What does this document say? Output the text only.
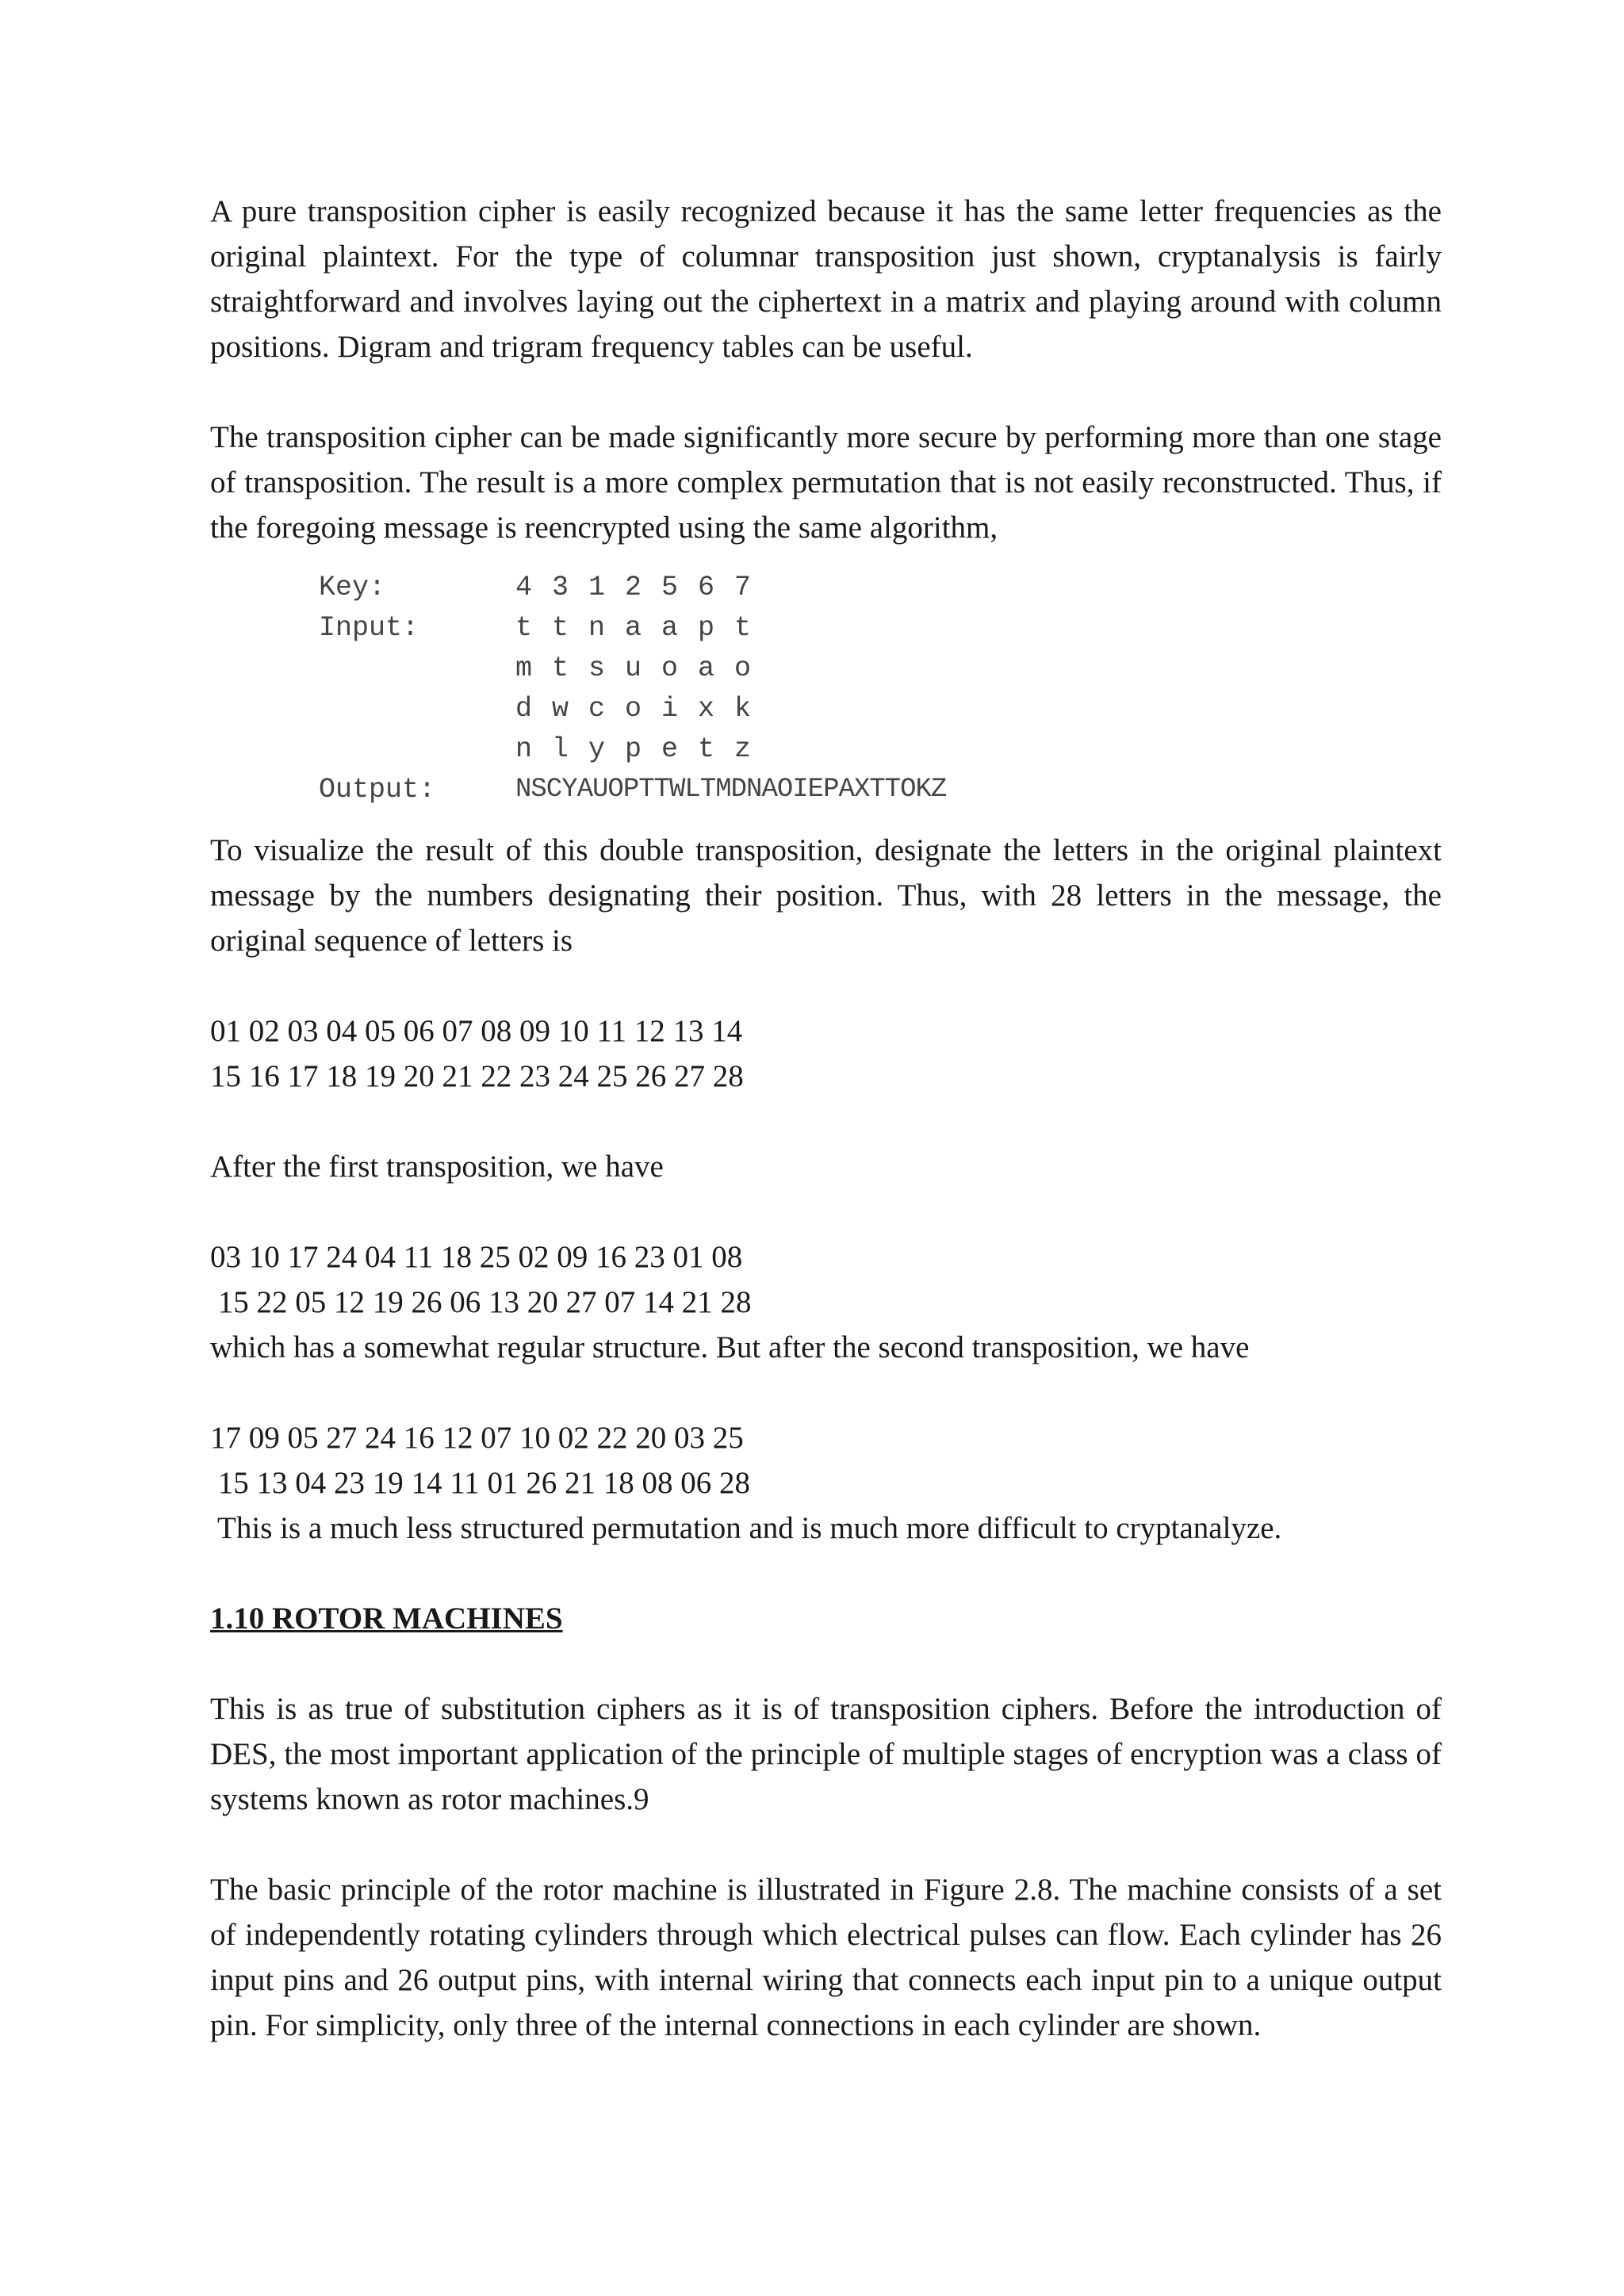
A pure transposition cipher is easily recognized because it has the same letter frequencies as the original plaintext. For the type of columnar transposition just shown, cryptanalysis is fairly straightforward and involves laying out the ciphertext in a matrix and playing around with column positions. Digram and trigram frequency tables can be useful.

The transposition cipher can be made significantly more secure by performing more than one stage of transposition. The result is a more complex permutation that is not easily reconstructed. Thus, if the foregoing message is reencrypted using the same algorithm,

Key:	4 3 1 2 5 6 7
Input:	t t n a a p t
m t s u o a o
d w c o i x k
n l y p e t z
Output:	NSCYAUOPTTWLTMDNAOIEPAXTTOKZ

To visualize the result of this double transposition, designate the letters in the original plaintext message by the numbers designating their position. Thus, with 28 letters in the message, the original sequence of letters is

01 02 03 04 05 06 07 08 09 10 11 12 13 14

15 16 17 18 19 20 21 22 23 24 25 26 27 28

After the first transposition, we have

03 10 17 24 04 11 18 25 02 09 16 23 01 08

15 22 05 12 19 26 06 13 20 27 07 14 21 28

which has a somewhat regular structure. But after the second transposition, we have

17 09 05 27 24 16 12 07 10 02 22 20 03 25

15 13 04 23 19 14 11 01 26 21 18 08 06 28

This is a much less structured permutation and is much more difficult to cryptanalyze.

1.10 ROTOR MACHINES

This is as true of substitution ciphers as it is of transposition ciphers. Before the introduction of DES, the most important application of the principle of multiple stages of encryption was a class of systems known as rotor machines.9

The basic principle of the rotor machine is illustrated in Figure 2.8. The machine consists of a set of independently rotating cylinders through which electrical pulses can flow. Each cylinder has 26 input pins and 26 output pins, with internal wiring that connects each input pin to a unique output pin. For simplicity, only three of the internal connections in each cylinder are shown.
